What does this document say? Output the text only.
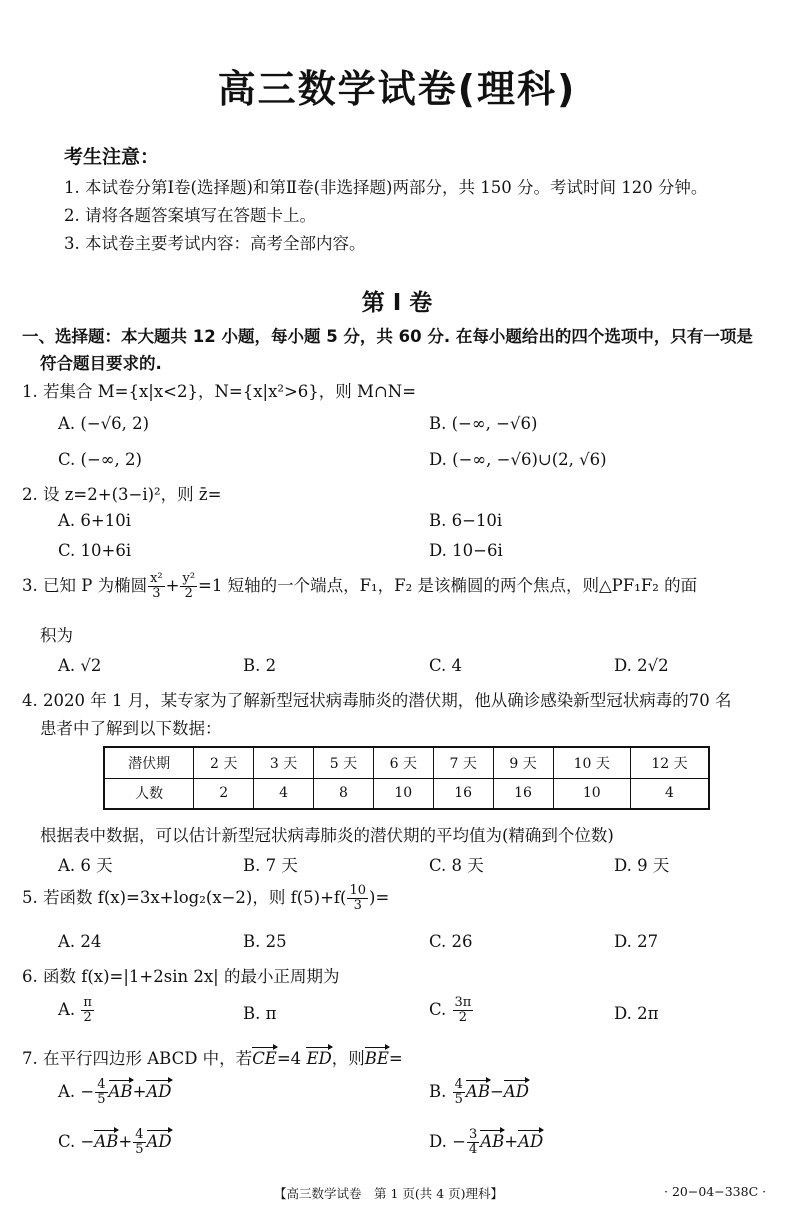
高三数学试卷(理科)
考生注意：
1. 本试卷分第Ⅰ卷(选择题)和第Ⅱ卷(非选择题)两部分，共 150 分。考试时间 120 分钟。
2. 请将各题答案填写在答题卡上。
3. 本试卷主要考试内容：高考全部内容。
第 Ⅰ 卷
一、选择题：本大题共 12 小题，每小题 5 分，共 60 分. 在每小题给出的四个选项中，只有一项是
符合题目要求的.
1. 若集合 M={x|x<2}，N={x|x²>6}，则 M∩N=
A. (−√6, 2)	B. (−∞, −√6)
C. (−∞, 2)	D. (−∞, −√6)∪(2, √6)
2. 设 z=2+(3−i)²，则 z̄=
A. 6+10i	B. 6−10i
C. 10+6i	D. 10−6i
3. 已知 P 为椭圆 $\frac{\text{x²}}{3} + \frac{\text{y²}}{2} =1$ 短轴的一个端点，F₁，F₂ 是该椭圆的两个焦点，则△PF₁F₂ 的面
积为
A. √2	B. 2	C. 4	D. 2√2
4. 2020 年 1 月，某专家为了解新型冠状病毒肺炎的潜伏期，他从确诊感染新型冠状病毒的70 名
患者中了解到以下数据：
潜伏期	2 天	3 天	5 天	6 天	7 天	9 天	10 天	12 天
人数	2	4	8	10	16	16	10	4
根据表中数据，可以估计新型冠状病毒肺炎的潜伏期的平均值为(精确到个位数)
A. 6 天	B. 7 天	C. 8 天	D. 9 天
5. 若函数 f(x)=3x+log₂(x−2)，则 $f(5)+f( \frac{10}{3}$ )=
A. 24	B. 25	C. 26	D. 27
6. 函数 f(x)=|1+2sin 2x| 的最小正周期为
A. $\frac{\pi}{2}$	B. π	C. $\frac{3\pi}{2}$	D. 2π
7. 在平行四边形 ABCD 中，若CE=4 ED，则BE=
A. − $\frac{4}{5} AB+AD$	B. $\frac{4}{5} AB-AD$
C. $-AB+ \frac{4}{5}$ AD	D. − $\frac{3}{4} AB+AD$
【高三数学试卷　第 1 页(共 4 页)理科】	· 20−04−338C ·
